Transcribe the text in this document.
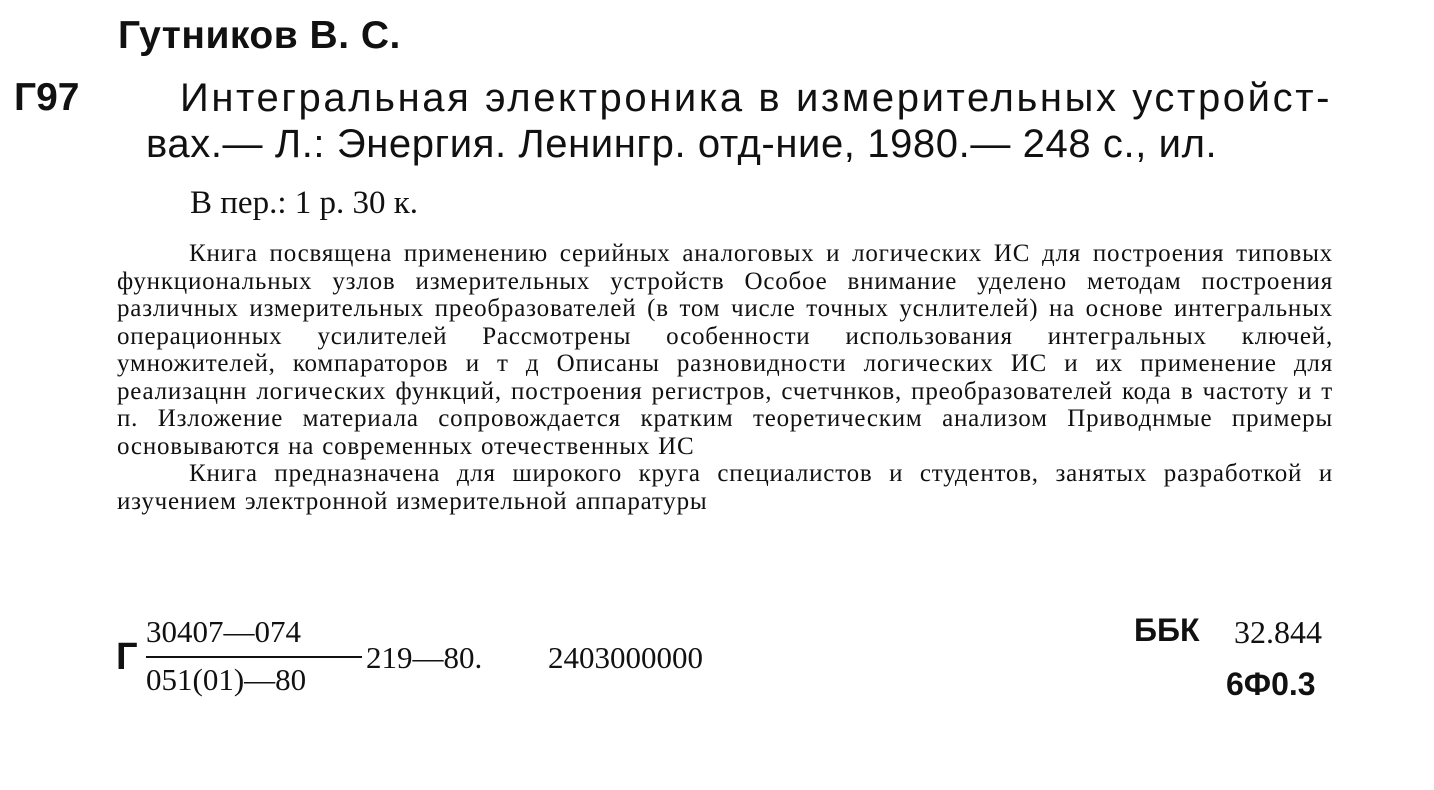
Гутников В. С.
Г97	Интегральная электроника в измерительных устройст-
вах.— Л.: Энергия. Ленингр. отд-ние, 1980.— 248 с., ил.
В пер.: 1 р. 30 к.

Книга посвящена применению серийных аналоговых и логических ИС для построения типовых функциональных узлов измерительных устройств Особое внимание уделено методам построения различных измерительных преобразователей (в том числе точных уснлителей) на основе интегральных операционных усилителей Рассмотрены особенности использования интегральных ключей, умножителей, компараторов и т д Описаны разновидности логических ИС и их применение для реализацнн логических функций, построения регистров, счетчнков, преобразователей кода в частоту и т п. Изложение материала сопровождается кратким теоретическим анализом Приводнмые примеры основываются на современных отечественных ИС

Книга предназначена для широкого круга специалистов и студентов, занятых разработкой и изучением электронной измерительной аппаратуры

Г
30407—074
051(01)—80
219—80. 2403000000
ББК 32.844
6Ф0.3
